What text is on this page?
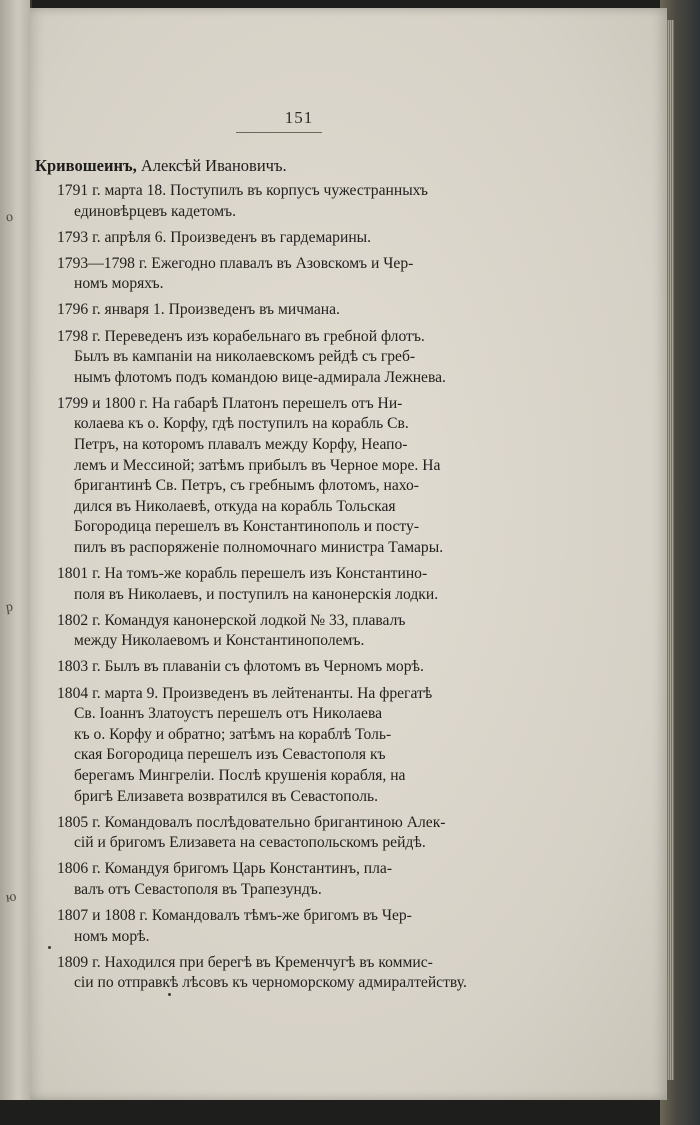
о
р
ю
151
Кривошеинъ, Алексѣй Ивановичъ.
1791 г. марта 18. Поступилъ въ корпусъ чужестранныхъ
единовѣрцевъ кадетомъ.
1793 г. апрѣля 6. Произведенъ въ гардемарины.
1793—1798 г. Ежегодно плавалъ въ Азовскомъ и Чер-
номъ моряхъ.
1796 г. января 1. Произведенъ въ мичмана.
1798 г. Переведенъ изъ корабельнаго въ гребной флотъ.
Былъ въ кампаніи на николаевскомъ рейдѣ съ греб-
нымъ флотомъ подъ командою вице-адмирала Лежнева.
1799 и 1800 г. На габарѣ Платонъ перешелъ отъ Ни-
колаева къ о. Корфу, гдѣ поступилъ на корабль Св.
Петръ, на которомъ плавалъ между Корфу, Неапо-
лемъ и Мессиной; затѣмъ прибылъ въ Черное море. На
бригантинѣ Св. Петръ, съ гребнымъ флотомъ, нахо-
дился въ Николаевѣ, откуда на корабль Тольская
Богородица перешелъ въ Константинополь и посту-
пилъ въ распоряженіе полномочнаго министра Тамары.
1801 г. На томъ-же корабль перешелъ изъ Константино-
поля въ Николаевъ, и поступилъ на канонерскія лодки.
1802 г. Командуя канонерской лодкой № 33, плавалъ
между Николаевомъ и Константинополемъ.
1803 г. Былъ въ плаваніи съ флотомъ въ Черномъ морѣ.
1804 г. марта 9. Произведенъ въ лейтенанты. На фрегатѣ
Св. Іоаннъ Златоустъ перешелъ отъ Николаева
къ о. Корфу и обратно; затѣмъ на кораблѣ Толь-
ская Богородица перешелъ изъ Севастополя къ
берегамъ Мингреліи. Послѣ крушенія корабля, на
бригѣ Елизавета возвратился въ Севастополь.
1805 г. Командовалъ послѣдовательно бригантиною Алек-
сій и бригомъ Елизавета на севастопольскомъ рейдѣ.
1806 г. Командуя бригомъ Царь Константинъ, пла-
валъ отъ Севастополя въ Трапезундъ.
1807 и 1808 г. Командовалъ тѣмъ-же бригомъ въ Чер-
номъ морѣ.
1809 г. Находился при берегѣ въ Кременчугѣ въ коммис-
сіи по отправкѣ лѣсовъ къ черноморскому адмиралтейству.
